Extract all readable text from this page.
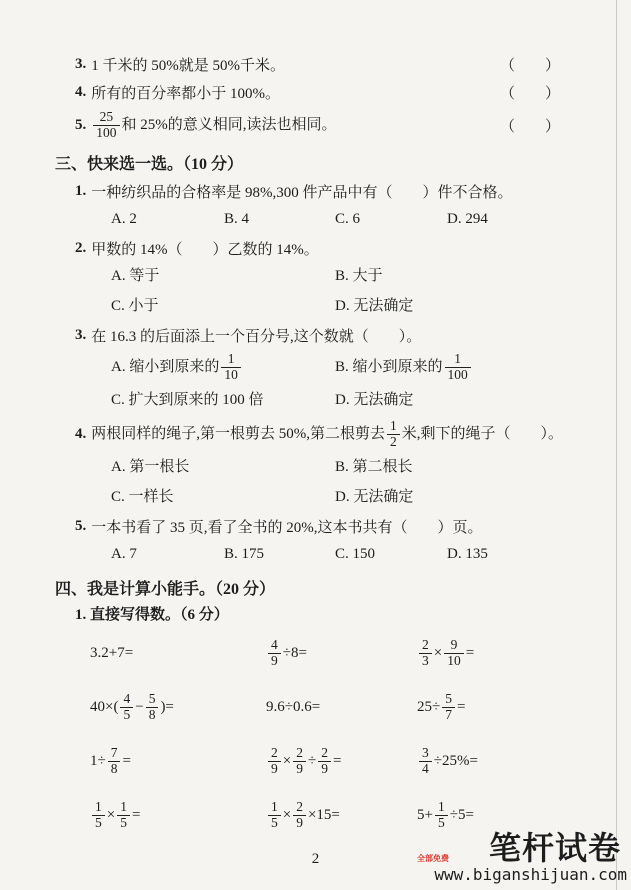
3. 1 千米的 50%就是 50%千米。	（　　）
4. 所有的百分率都小于 100%。	（　　）
5. $\frac{25}{100}$ 和 25%的意义相同,读法也相同。	（　　）
三、快来选一选。（10 分）
1. 一种纺织品的合格率是 98%,300 件产品中有（　　）件不合格。
A. 2	B. 4	C. 6	D. 294
2. 甲数的 14%（　　）乙数的 14%。
A. 等于	B. 大于
C. 小于	D. 无法确定
3. 在 16.3 的后面添上一个百分号,这个数就（　　）。
A. 缩小到原来的 $\frac{1}{10}$	B. 缩小到原来的 $\frac{1}{100}$
C. 扩大到原来的 100 倍	D. 无法确定
4. 两根同样的绳子,第一根剪去 50%,第二根剪去 $\frac{1}{2}$ 米,剩下的绳子（　　）。
A. 第一根长	B. 第二根长
C. 一样长	D. 无法确定
5. 一本书看了 35 页,看了全书的 20%,这本书共有（　　）页。
A. 7	B. 175	C. 150	D. 135
四、我是计算小能手。（20 分）
1. 直接写得数。（6 分）
3.2+7=	$\frac{4}{9} \div 8=$	$\frac{2}{3} \times \frac{9}{10}$ =
$40\times( \frac{4}{5} - \frac{5}{8}$ )=	9.6÷0.6=	$25\div \frac{5}{7}$ =
$1\div \frac{7}{8}$ =	$\frac{2}{9} \times \frac{2}{9} \div \frac{2}{9}$ =	$\frac{3}{4} \div 25\%=$
$\frac{1}{5} \times \frac{1}{5}$ =	$\frac{1}{5} \times \frac{2}{9} \times 15=$	$5+ \frac{1}{5} \div 5=$
2	全部免费	笔杆试卷
www.biganshijuan.com
